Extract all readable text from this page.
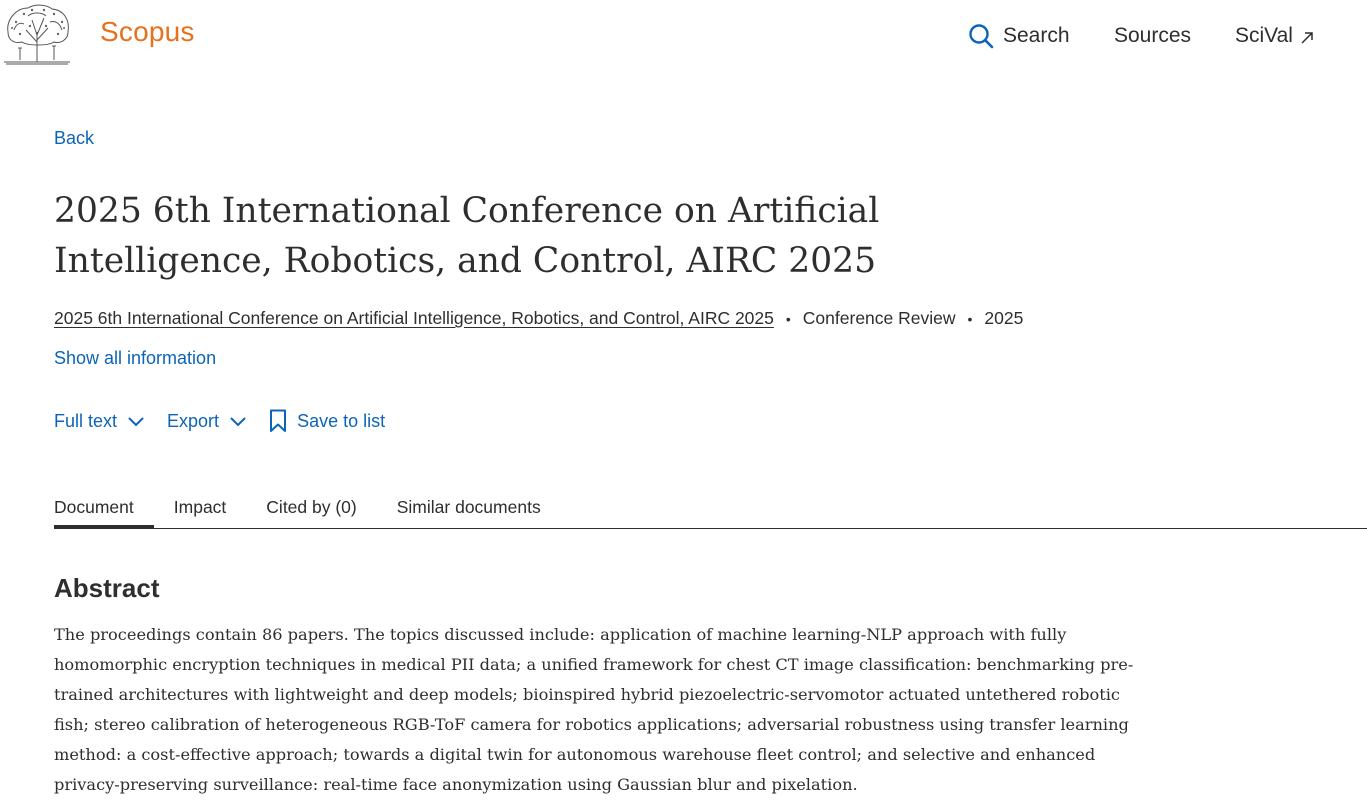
Scopus	Search Sources SciVal
Back
2025 6th International Conference on Artificial Intelligence, Robotics, and Control, AIRC 2025
2025 6th International Conference on Artificial Intelligence, Robotics, and Control, AIRC 2025 • Conference Review • 2025
Show all information
Full text	Export	Save to list
Document Impact Cited by (0) Similar documents
Abstract

The proceedings contain 86 papers. The topics discussed include: application of machine learning-NLP approach with fully homomorphic encryption techniques in medical PII data; a unified framework for chest CT image classification: benchmarking pre-trained architectures with lightweight and deep models; bioinspired hybrid piezoelectric-servomotor actuated untethered robotic fish; stereo calibration of heterogeneous RGB-ToF camera for robotics applications; adversarial robustness using transfer learning method: a cost-effective approach; towards a digital twin for autonomous warehouse fleet control; and selective and enhanced privacy-preserving surveillance: real-time face anonymization using Gaussian blur and pixelation.
